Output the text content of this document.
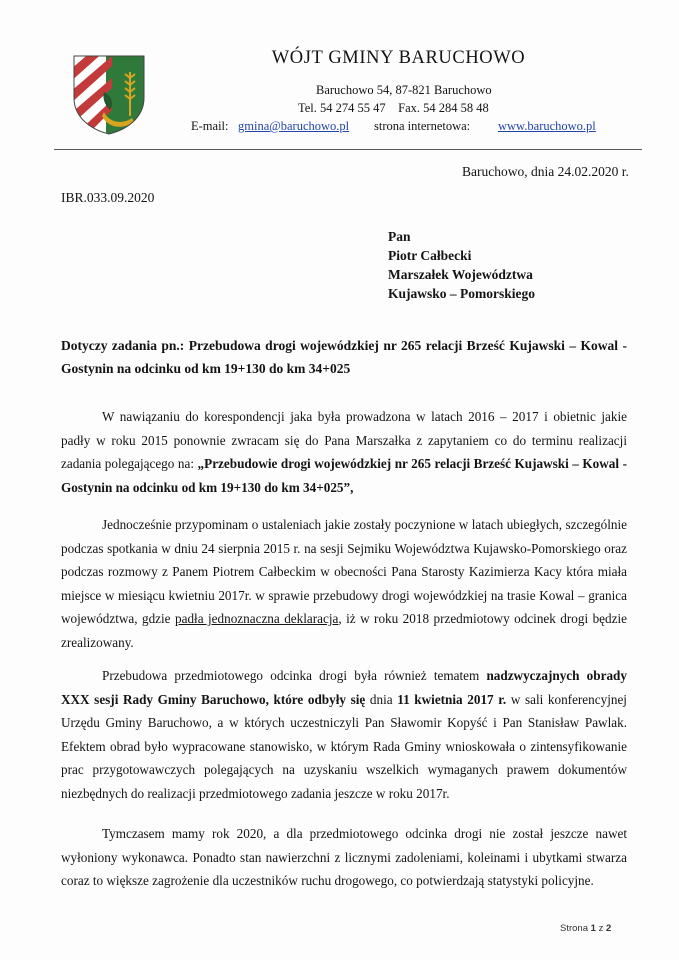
WÓJT GMINY BARUCHOWO
Baruchowo 54, 87-821 Baruchowo
Tel. 54 274 55 47    Fax. 54 284 58 48
E-mail: gmina@baruchowo.pl strona internetowa: www.baruchowo.pl
Baruchowo, dnia 24.02.2020 r.
IBR.033.09.2020
Pan
Piotr Całbecki
Marszałek Województwa
Kujawsko – Pomorskiego
Dotyczy zadania pn.: Przebudowa drogi wojewódzkiej nr 265 relacji Brześć Kujawski – Kowal - Gostynin na odcinku od km 19+130 do km 34+025
W nawiązaniu do korespondencji jaka była prowadzona w latach 2016 – 2017 i obietnic jakie padły w roku 2015 ponownie zwracam się do Pana Marszałka z zapytaniem co do terminu realizacji zadania polegającego na: „Przebudowie drogi wojewódzkiej nr 265 relacji Brześć Kujawski – Kowal -Gostynin na odcinku od km 19+130 do km 34+025”,
Jednocześnie przypominam o ustaleniach jakie zostały poczynione w latach ubiegłych, szczególnie podczas spotkania w dniu 24 sierpnia 2015 r. na sesji Sejmiku Województwa Kujawsko-Pomorskiego oraz podczas rozmowy z Panem Piotrem Całbeckim w obecności Pana Starosty Kazimierza Kacy która miała miejsce w miesiącu kwietniu 2017r. w sprawie przebudowy drogi wojewódzkiej na trasie Kowal – granica województwa, gdzie padła jednoznaczna deklaracja, iż w roku 2018 przedmiotowy odcinek drogi będzie zrealizowany.
Przebudowa przedmiotowego odcinka drogi była również tematem nadzwyczajnych obrady XXX sesji Rady Gminy Baruchowo, które odbyły się dnia 11 kwietnia 2017 r. w sali konferencyjnej Urzędu Gminy Baruchowo, a w których uczestniczyli Pan Sławomir Kopyść i Pan Stanisław Pawlak. Efektem obrad było wypracowane stanowisko, w którym Rada Gminy wnioskowała o zintensyfikowanie prac przygotowawczych polegających na uzyskaniu wszelkich wymaganych prawem dokumentów niezbędnych do realizacji przedmiotowego zadania jeszcze w roku 2017r.
Tymczasem mamy rok 2020, a dla przedmiotowego odcinka drogi nie został jeszcze nawet wyłoniony wykonawca. Ponadto stan nawierzchni z licznymi zadoleniami, koleinami i ubytkami stwarza coraz to większe zagrożenie dla uczestników ruchu drogowego, co potwierdzają statystyki policyjne.
Strona 1 z 2
